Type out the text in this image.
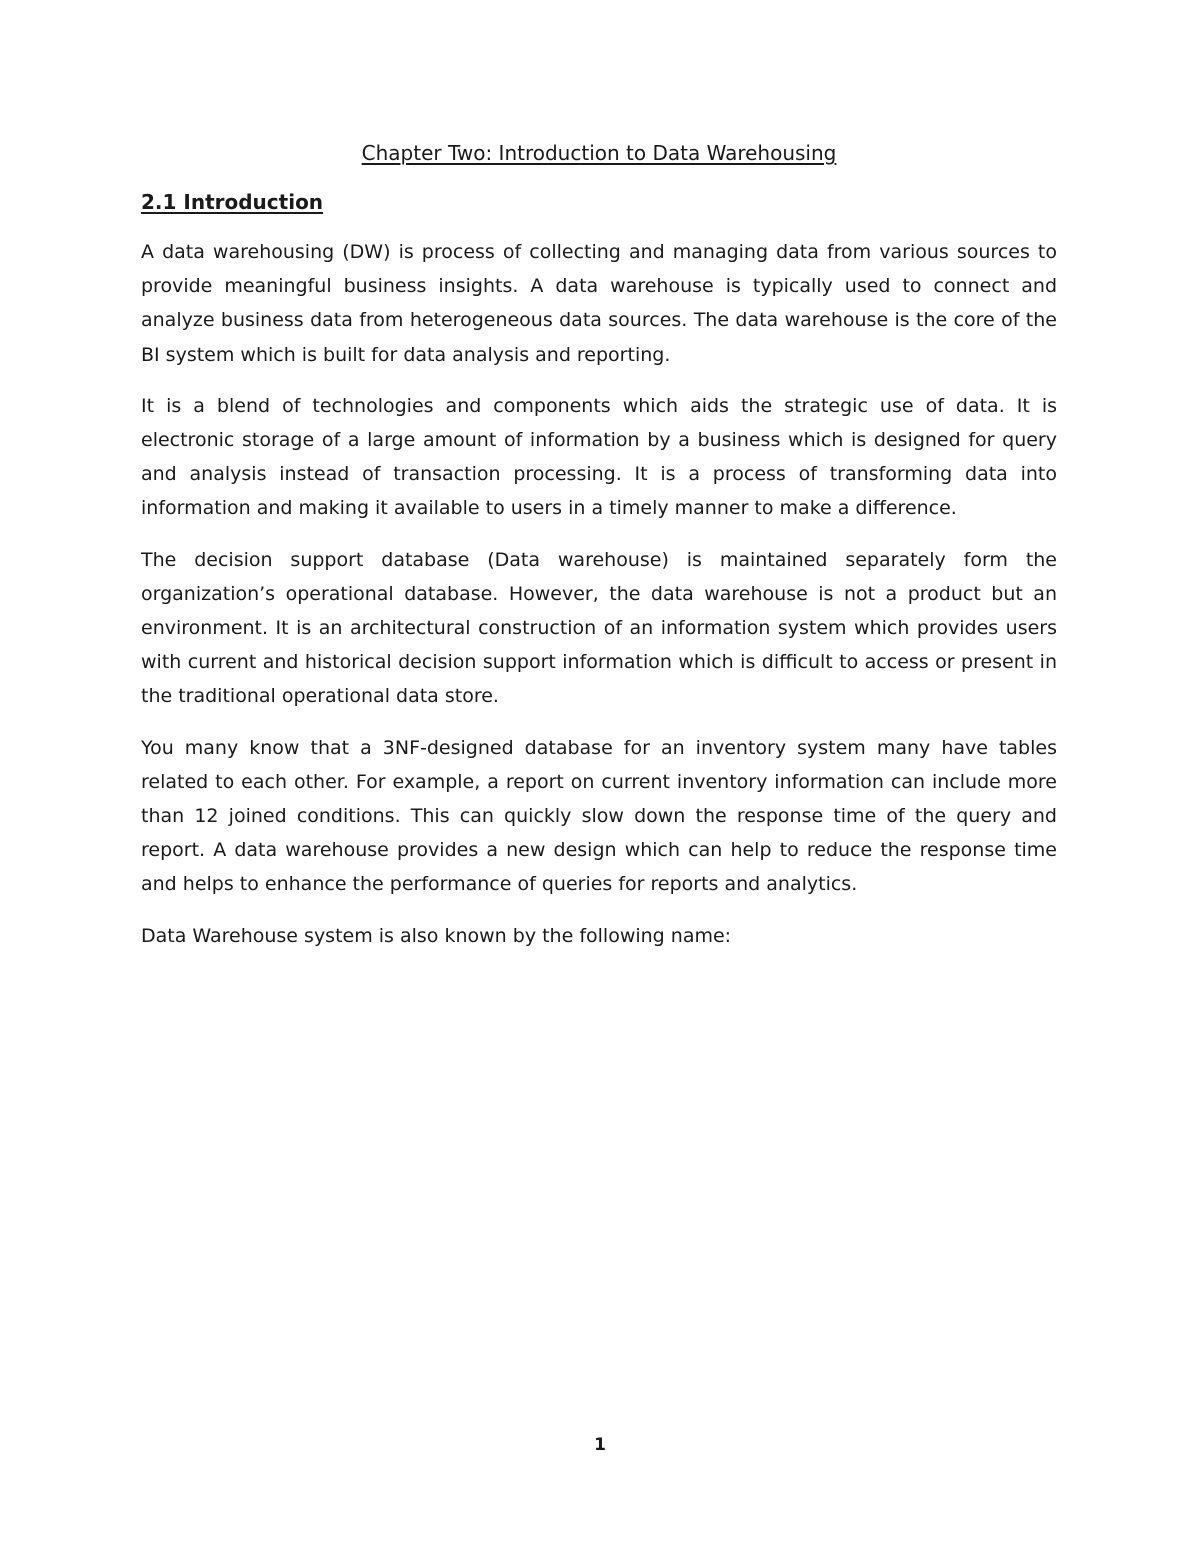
Chapter Two: Introduction to Data Warehousing
2.1 Introduction

A data warehousing (DW) is process of collecting and managing data from various sources to provide meaningful business insights. A data warehouse is typically used to connect and analyze business data from heterogeneous data sources. The data warehouse is the core of the BI system which is built for data analysis and reporting.

It is a blend of technologies and components which aids the strategic use of data. It is electronic storage of a large amount of information by a business which is designed for query and analysis instead of transaction processing. It is a process of transforming data into information and making it available to users in a timely manner to make a difference.

The decision support database (Data warehouse) is maintained separately form the organization’s operational database. However, the data warehouse is not a product but an environment. It is an architectural construction of an information system which provides users with current and historical decision support information which is difficult to access or present in the traditional operational data store.

You many know that a 3NF-designed database for an inventory system many have tables related to each other. For example, a report on current inventory information can include more than 12 joined conditions. This can quickly slow down the response time of the query and report. A data warehouse provides a new design which can help to reduce the response time and helps to enhance the performance of queries for reports and analytics.

Data Warehouse system is also known by the following name:

1
